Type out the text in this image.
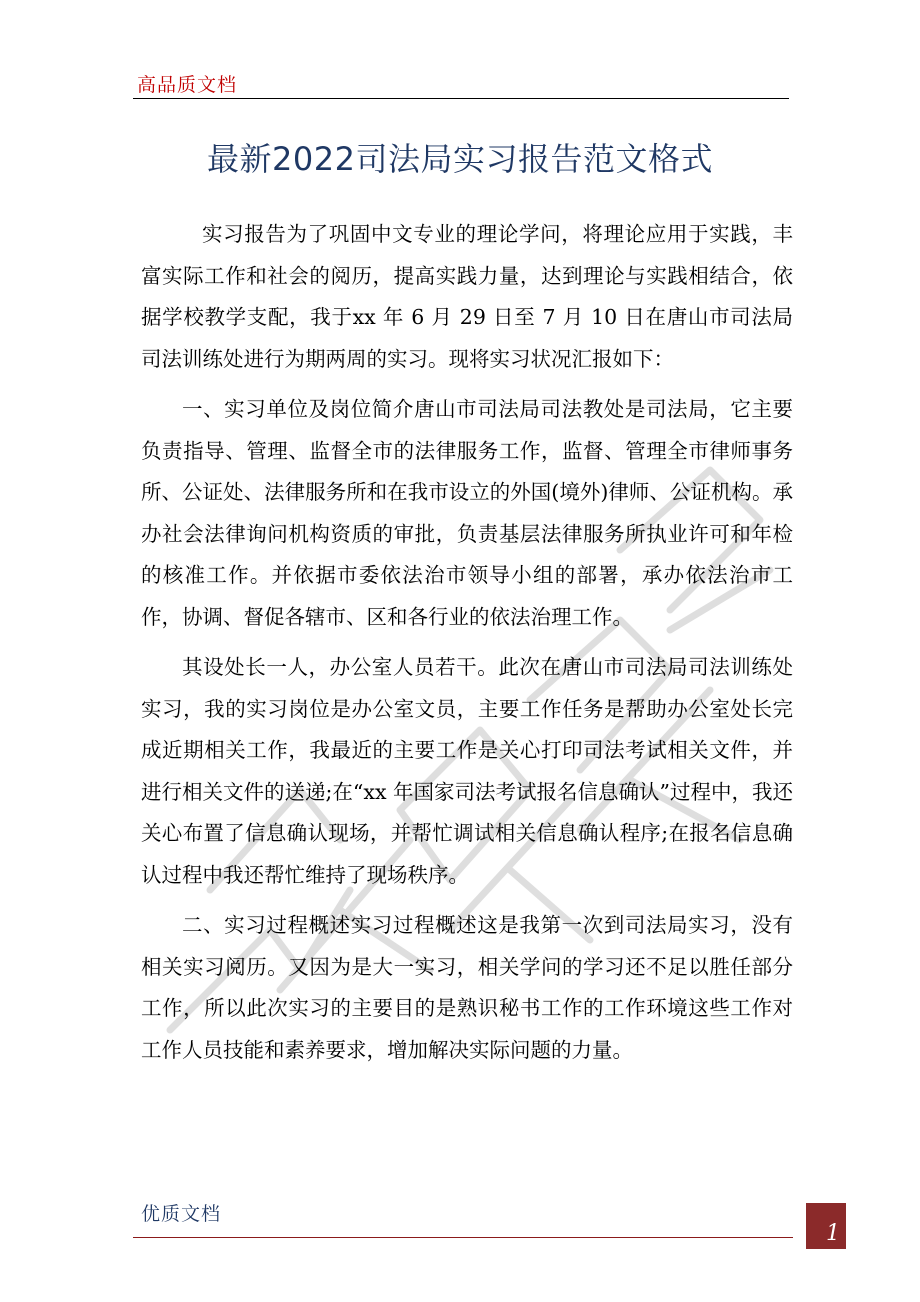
高品质文档
最新2022司法局实习报告范文格式

实习报告为了巩固中文专业的理论学问，将理论应用于实践，丰富实际工作和社会的阅历，提高实践力量，达到理论与实践相结合，依据学校教学支配，我于xx 年 6 月 29 日至 7 月 10 日在唐山市司法局司法训练处进行为期两周的实习。现将实习状况汇报如下：

一、实习单位及岗位简介唐山市司法局司法教处是司法局，它主要负责指导、管理、监督全市的法律服务工作，监督、管理全市律师事务所、公证处、法律服务所和在我市设立的外国(境外)律师、公证机构。承办社会法律询问机构资质的审批，负责基层法律服务所执业许可和年检的核准工作。并依据市委依法治市领导小组的部署，承办依法治市工作，协调、督促各辖市、区和各行业的依法治理工作。

其设处长一人，办公室人员若干。此次在唐山市司法局司法训练处实习，我的实习岗位是办公室文员，主要工作任务是帮助办公室处长完成近期相关工作，我最近的主要工作是关心打印司法考试相关文件，并进行相关文件的送递;在“xx 年国家司法考试报名信息确认”过程中，我还关心布置了信息确认现场，并帮忙调试相关信息确认程序;在报名信息确认过程中我还帮忙维持了现场秩序。

二、实习过程概述实习过程概述这是我第一次到司法局实习，没有相关实习阅历。又因为是大一实习，相关学问的学习还不足以胜任部分工作，所以此次实习的主要目的是熟识秘书工作的工作环境这些工作对工作人员技能和素养要求，增加解决实际问题的力量。

优质文档
1
